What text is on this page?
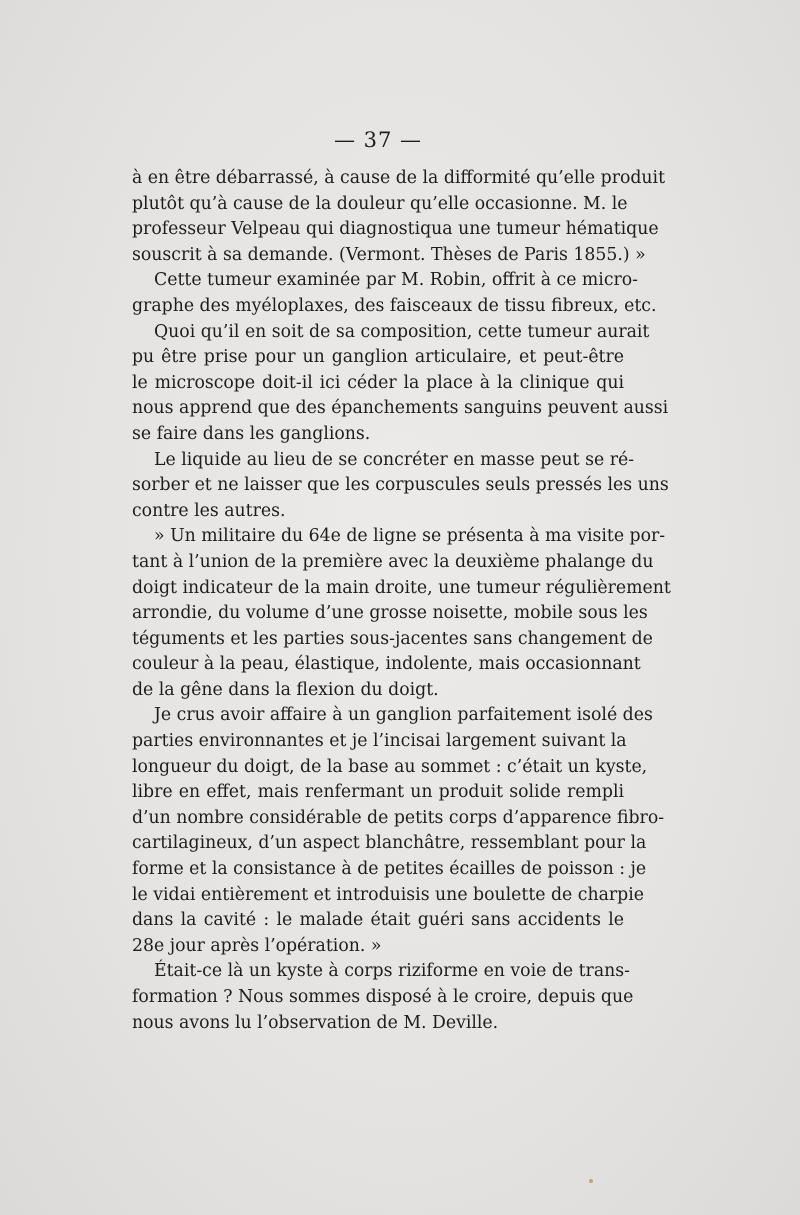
— 37 —
à en être débarrassé, à cause de la difformité qu’elle produit
plutôt qu’à cause de la douleur qu’elle occasionne. M. le
professeur Velpeau qui diagnostiqua une tumeur hématique
souscrit à sa demande. (Vermont. Thèses de Paris 1855.) »
Cette tumeur examinée par M. Robin, offrit à ce micro-
graphe des myéloplaxes, des faisceaux de tissu fibreux, etc.
Quoi qu’il en soit de sa composition, cette tumeur aurait
pu être prise pour un ganglion articulaire, et peut-être
le microscope doit-il ici céder la place à la clinique qui
nous apprend que des épanchements sanguins peuvent aussi
se faire dans les ganglions.
Le liquide au lieu de se concréter en masse peut se ré-
sorber et ne laisser que les corpuscules seuls pressés les uns
contre les autres.
» Un militaire du 64e de ligne se présenta à ma visite por-
tant à l’union de la première avec la deuxième phalange du
doigt indicateur de la main droite, une tumeur régulièrement
arrondie, du volume d’une grosse noisette, mobile sous les
téguments et les parties sous-jacentes sans changement de
couleur à la peau, élastique, indolente, mais occasionnant
de la gêne dans la flexion du doigt.
Je crus avoir affaire à un ganglion parfaitement isolé des
parties environnantes et je l’incisai largement suivant la
longueur du doigt, de la base au sommet : c’était un kyste,
libre en effet, mais renfermant un produit solide rempli
d’un nombre considérable de petits corps d’apparence fibro-
cartilagineux, d’un aspect blanchâtre, ressemblant pour la
forme et la consistance à de petites écailles de poisson : je
le vidai entièrement et introduisis une boulette de charpie
dans la cavité : le malade était guéri sans accidents le
28e jour après l’opération. »
Était-ce là un kyste à corps riziforme en voie de trans-
formation ? Nous sommes disposé à le croire, depuis que
nous avons lu l’observation de M. Deville.
